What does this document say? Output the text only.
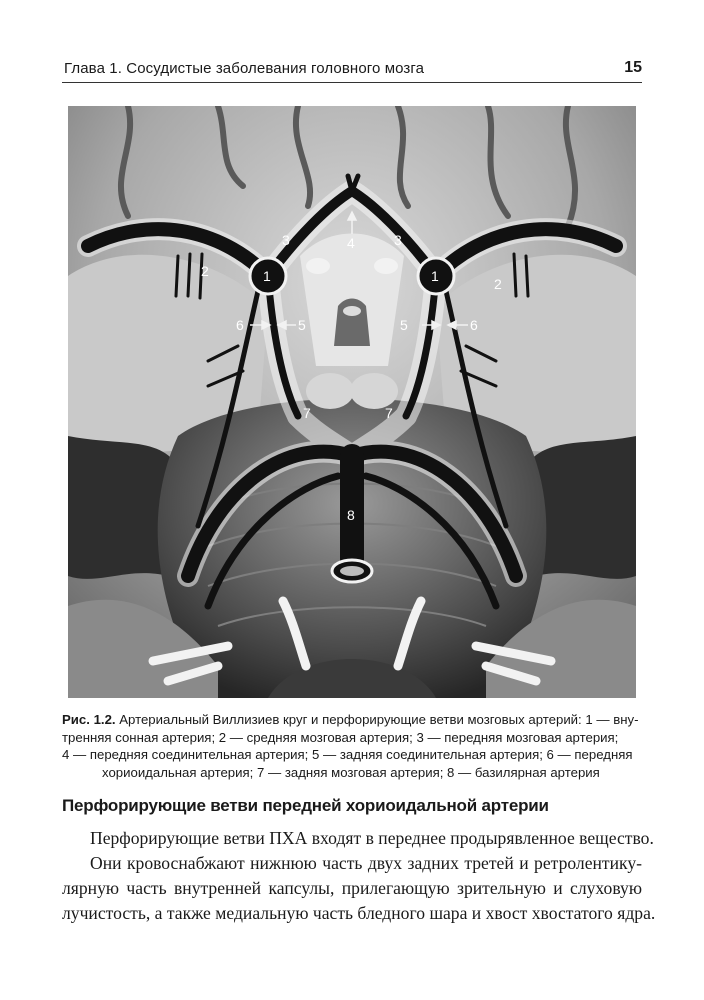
Глава 1. Сосудистые заболевания головного мозга	15
1	1
2
2
3	3
4
5	5
6	6
7	7
8
Рис. 1.2. Артериальный Виллизиев круг и перфорирующие ветви мозговых артерий: 1 — вну-
тренняя сонная артерия; 2 — средняя мозговая артерия; 3 — передняя мозговая артерия;
4 — передняя соединительная артерия; 5 — задняя соединительная артерия; 6 — передняя
хориоидальная артерия; 7 — задняя мозговая артерия; 8 — базилярная артерия
Перфорирующие ветви передней хориоидальной артерии
Перфорирующие ветви ПХА входят в переднее продырявленное вещество.
Они кровоснабжают нижнюю часть двух задних третей и ретролентику-
лярную часть внутренней капсулы, прилегающую зрительную и слуховую
лучистость, а также медиальную часть бледного шара и хвост хвостатого ядра.
